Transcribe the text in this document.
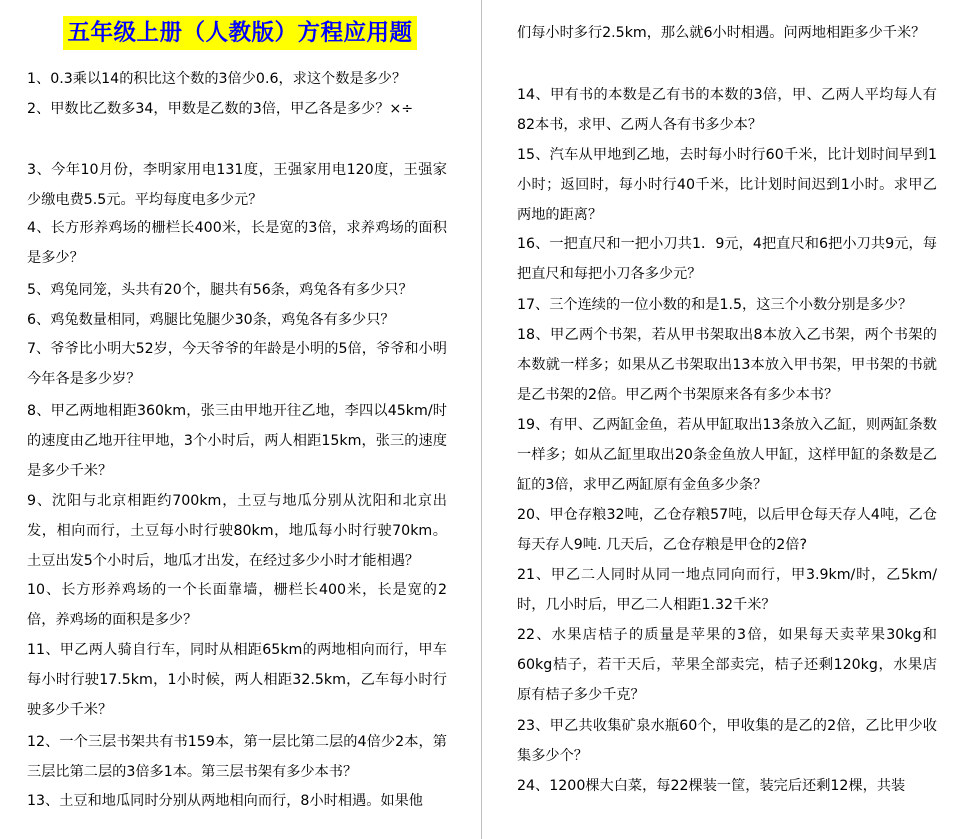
五年级上册（人教版）方程应用题

1、0.3乘以14的积比这个数的3倍少0.6，求这个数是多少？

2、甲数比乙数多34，甲数是乙数的3倍，甲乙各是多少？×÷

3、今年10月份，李明家用电131度，王强家用电120度，王强家少缴电费5.5元。平均每度电多少元？

4、长方形养鸡场的栅栏长400米，长是宽的3倍，求养鸡场的面积是多少？

5、鸡兔同笼，头共有20个，腿共有56条，鸡兔各有多少只？

6、鸡兔数量相同，鸡腿比兔腿少30条，鸡兔各有多少只？

7、爷爷比小明大52岁，今天爷爷的年龄是小明的5倍，爷爷和小明今年各是多少岁？

8、甲乙两地相距360km，张三由甲地开往乙地，李四以45km/时的速度由乙地开往甲地，3个小时后，两人相距15km，张三的速度是多少千米？

9、沈阳与北京相距约700km，土豆与地瓜分别从沈阳和北京出发，相向而行，土豆每小时行驶80km，地瓜每小时行驶70km。土豆出发5个小时后，地瓜才出发，在经过多少小时才能相遇？

10、长方形养鸡场的一个长面靠墙，栅栏长400米，长是宽的2倍，养鸡场的面积是多少？

11、甲乙两人骑自行车，同时从相距65km的两地相向而行，甲车每小时行驶17.5km，1小时候，两人相距32.5km，乙车每小时行驶多少千米？

12、一个三层书架共有书159本，第一层比第二层的4倍少2本，第三层比第二层的3倍多1本。第三层书架有多少本书？

13、土豆和地瓜同时分别从两地相向而行，8小时相遇。如果他

们每小时多行2.5km，那么就6小时相遇。问两地相距多少千米？

14、甲有书的本数是乙有书的本数的3倍，甲、乙两人平均每人有82本书，求甲、乙两人各有书多少本？

15、汽车从甲地到乙地，去时每小时行60千米，比计划时间早到1小时；返回时，每小时行40千米，比计划时间迟到1小时。求甲乙两地的距离？

16、一把直尺和一把小刀共1．9元，4把直尺和6把小刀共9元，每把直尺和每把小刀各多少元？

17、三个连续的一位小数的和是1.5，这三个小数分别是多少？

18、甲乙两个书架，若从甲书架取出8本放入乙书架，两个书架的本数就一样多；如果从乙书架取出13本放入甲书架，甲书架的书就是乙书架的2倍。甲乙两个书架原来各有多少本书？

19、有甲、乙两缸金鱼，若从甲缸取出13条放入乙缸，则两缸条数一样多；如从乙缸里取出20条金鱼放人甲缸，这样甲缸的条数是乙缸的3倍，求甲乙两缸原有金鱼多少条？

20、甲仓存粮32吨，乙仓存粮57吨，以后甲仓每天存人4吨，乙仓每天存人9吨. 几天后，乙仓存粮是甲仓的2倍?

21、甲乙二人同时从同一地点同向而行，甲3.9km/时，乙5km/时，几小时后，甲乙二人相距1.32千米？

22、水果店桔子的质量是苹果的3倍，如果每天卖苹果30kg和60kg桔子，若干天后，苹果全部卖完，桔子还剩120kg，水果店原有桔子多少千克？

23、甲乙共收集矿泉水瓶60个，甲收集的是乙的2倍，乙比甲少收集多少个？

24、1200棵大白菜，每22棵装一筐，装完后还剩12棵，共装
